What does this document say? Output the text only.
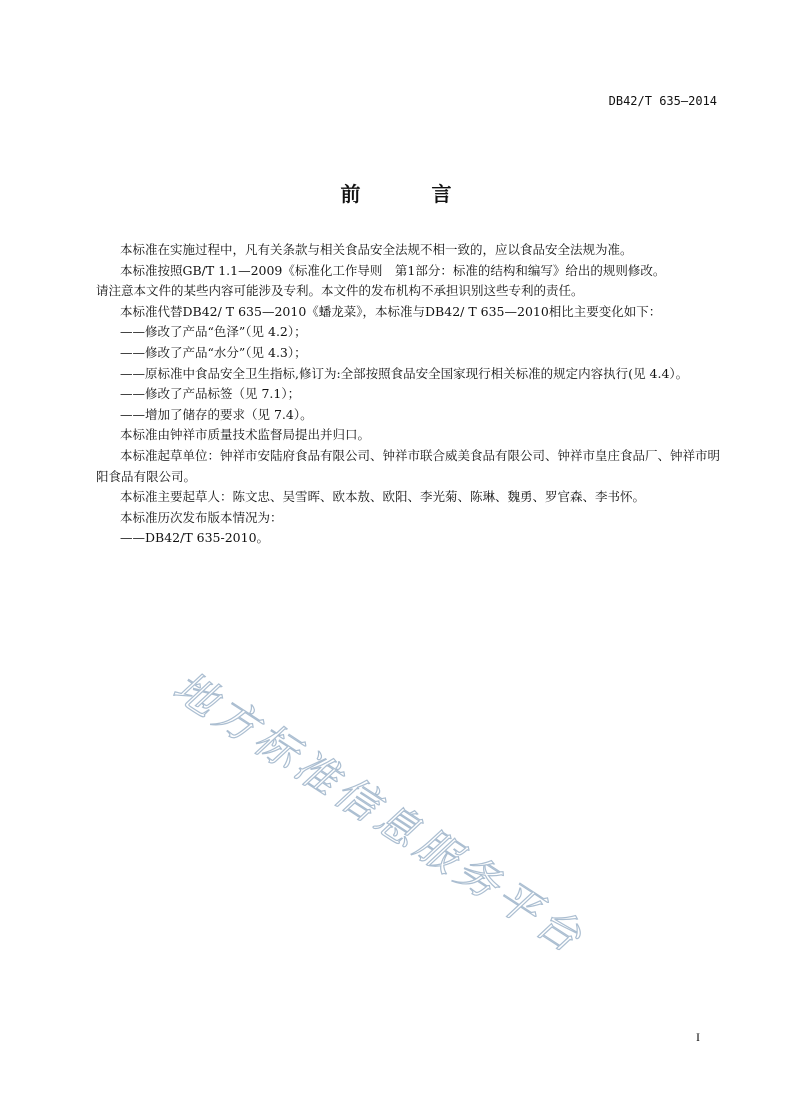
DB42/T 635—2014
前 言

本标准在实施过程中，凡有关条款与相关食品安全法规不相一致的，应以食品安全法规为准。

本标准按照GB/T 1.1—2009《标准化工作导则　第1部分：标准的结构和编写》给出的规则修改。

请注意本文件的某些内容可能涉及专利。本文件的发布机构不承担识别这些专利的责任。

本标准代替DB42/ T 635—2010《蟠龙菜》，本标准与DB42/ T 635—2010相比主要变化如下：

——修改了产品“色泽”（见 4.2）；

——修改了产品“水分”（见 4.3）；

——原标准中食品安全卫生指标,修订为:全部按照食品安全国家现行相关标准的规定内容执行(见 4.4）。

——修改了产品标签（见 7.1）；

——增加了储存的要求（见 7.4）。

本标准由钟祥市质量技术监督局提出并归口。

本标准起草单位：钟祥市安陆府食品有限公司、钟祥市联合威美食品有限公司、钟祥市皇庄食品厂、钟祥市明阳食品有限公司。

本标准主要起草人：陈文忠、吴雪晖、欧本敖、欧阳、李光菊、陈琳、魏勇、罗官森、李书怀。

本标准历次发布版本情况为：

——DB42/T 635-2010。

地方标准信息服务平台
I
